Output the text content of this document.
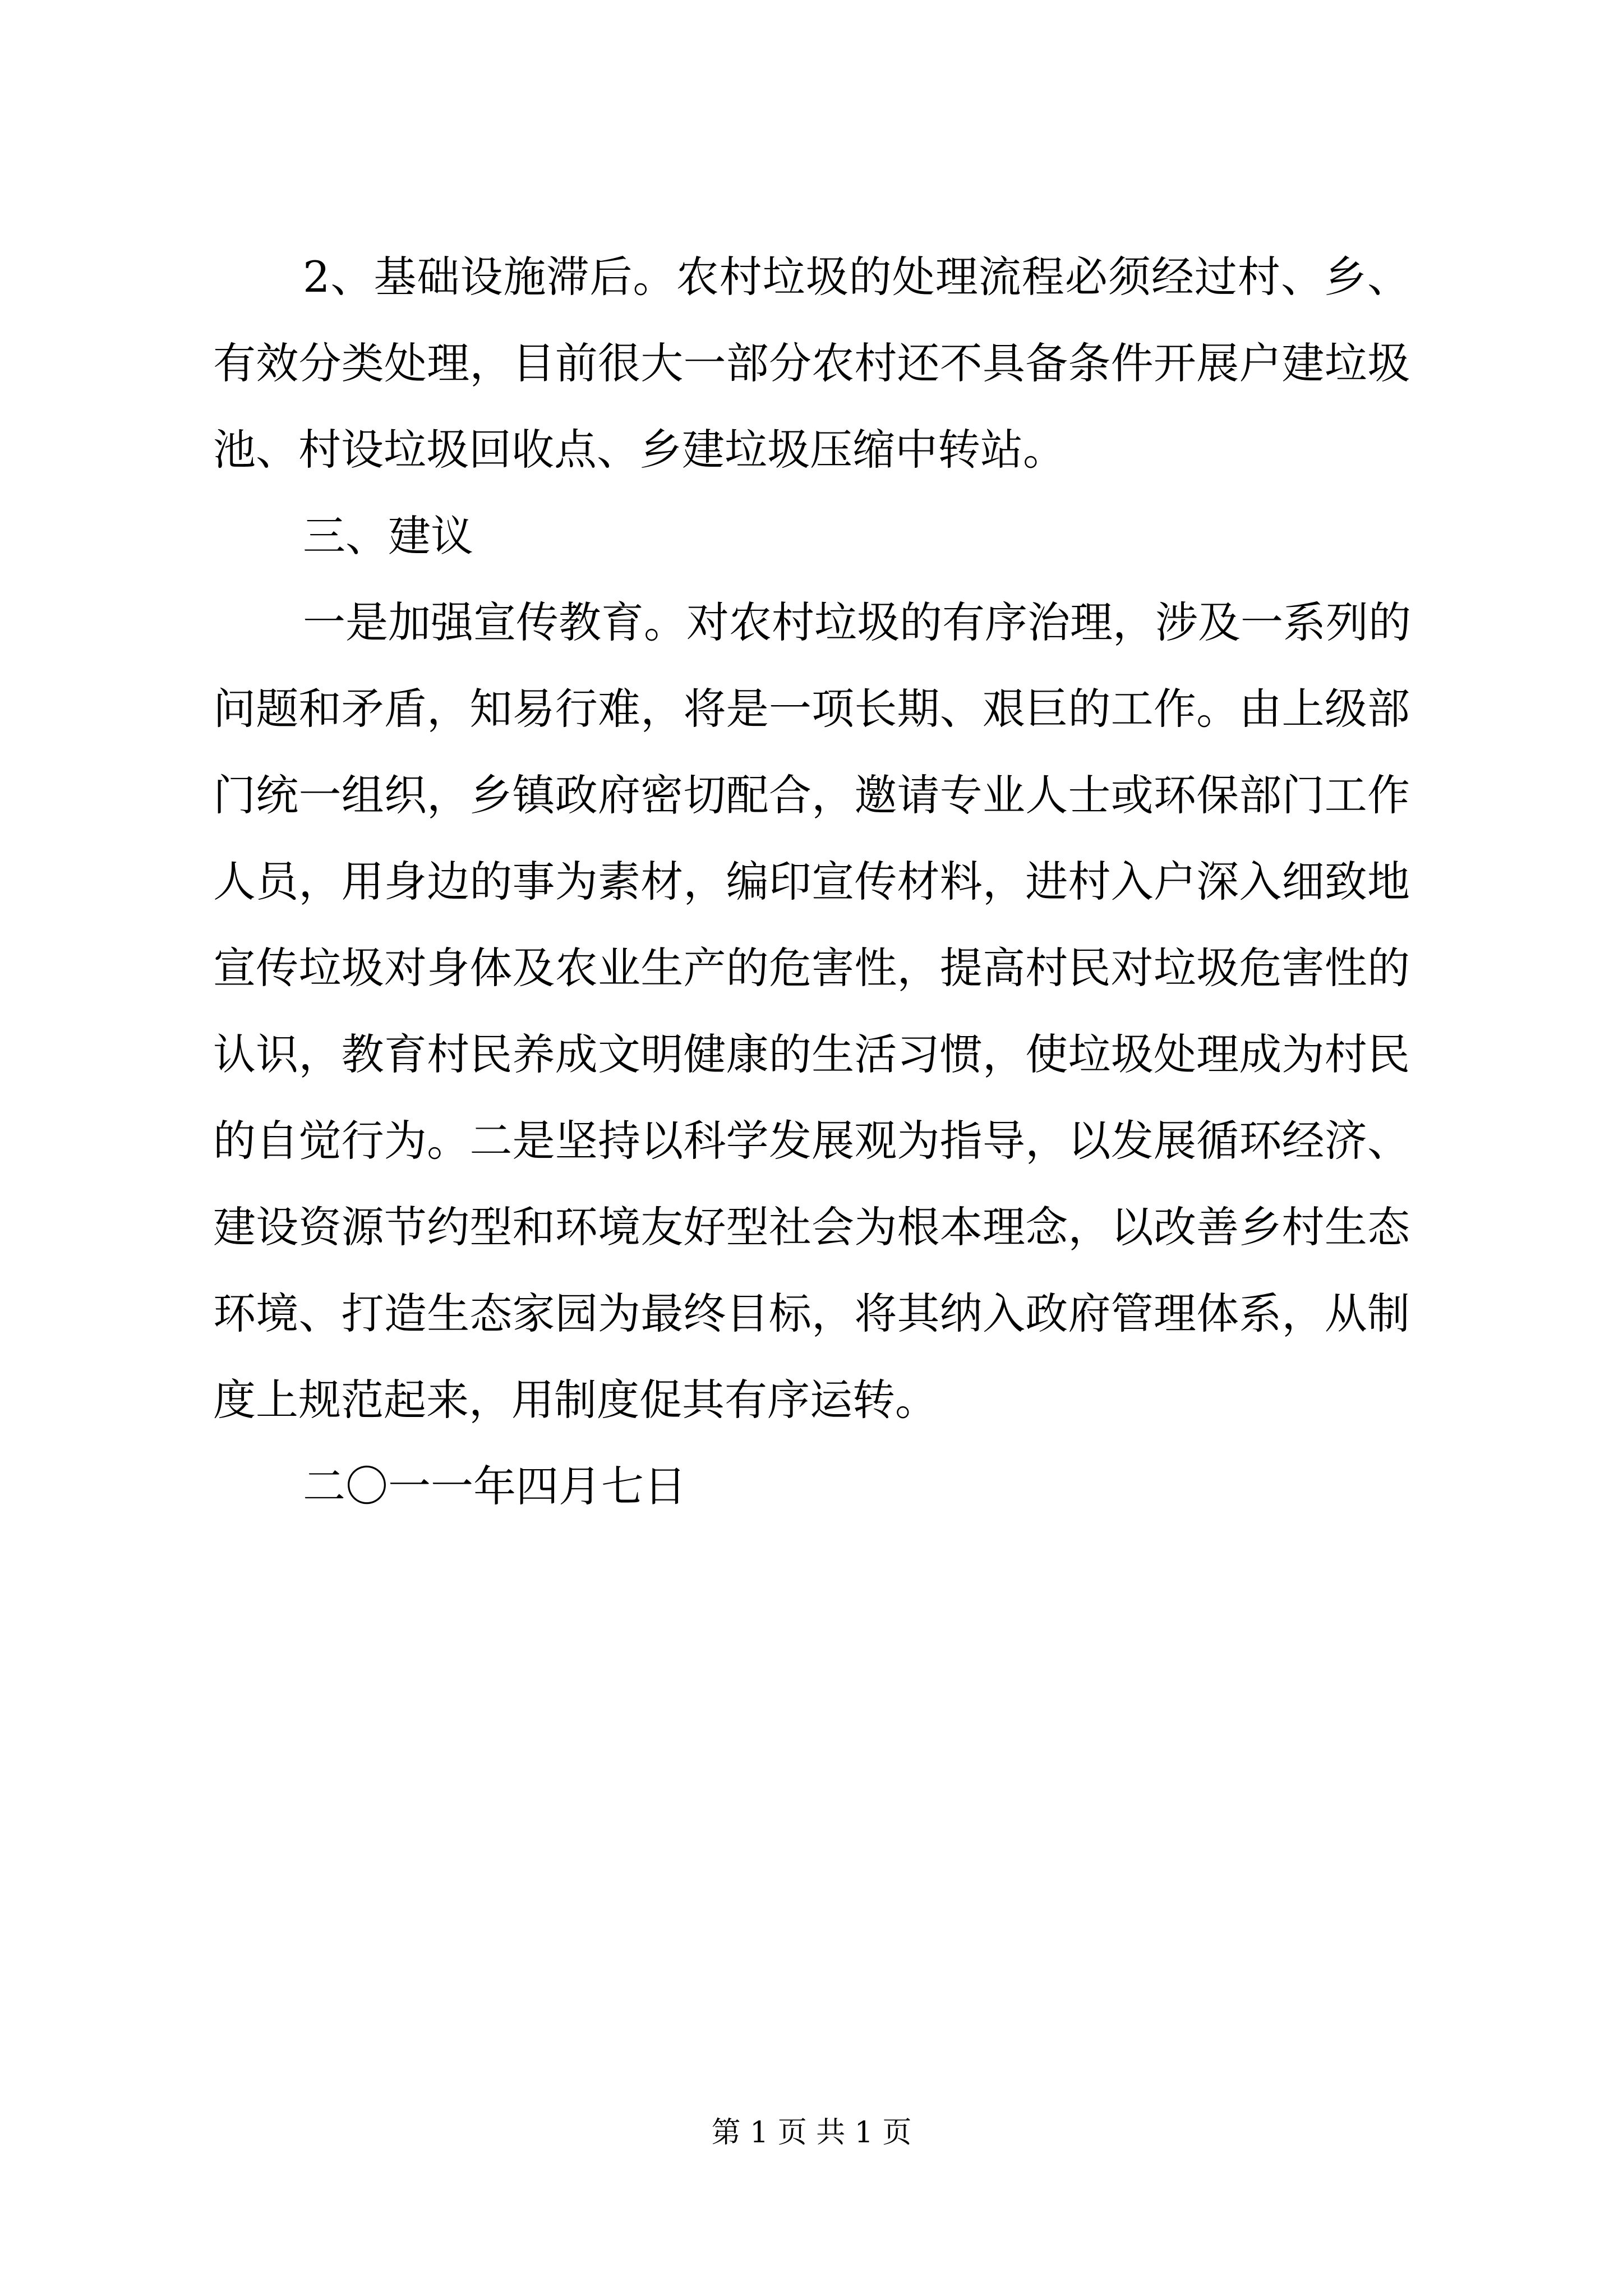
2、基础设施滞后。农村垃圾的处理流程必须经过村、乡、
有效分类处理，目前很大一部分农村还不具备条件开展户建垃圾
池、村设垃圾回收点、乡建垃圾压缩中转站。
三、建议
一是加强宣传教育。对农村垃圾的有序治理，涉及一系列的
问题和矛盾，知易行难，将是一项长期、艰巨的工作。由上级部
门统一组织，乡镇政府密切配合，邀请专业人士或环保部门工作
人员，用身边的事为素材，编印宣传材料，进村入户深入细致地
宣传垃圾对身体及农业生产的危害性，提高村民对垃圾危害性的
认识，教育村民养成文明健康的生活习惯，使垃圾处理成为村民
的自觉行为。二是坚持以科学发展观为指导，以发展循环经济、
建设资源节约型和环境友好型社会为根本理念，以改善乡村生态
环境、打造生态家园为最终目标，将其纳入政府管理体系，从制
度上规范起来，用制度促其有序运转。
二〇一一年四月七日
第 1 页 共 1 页
